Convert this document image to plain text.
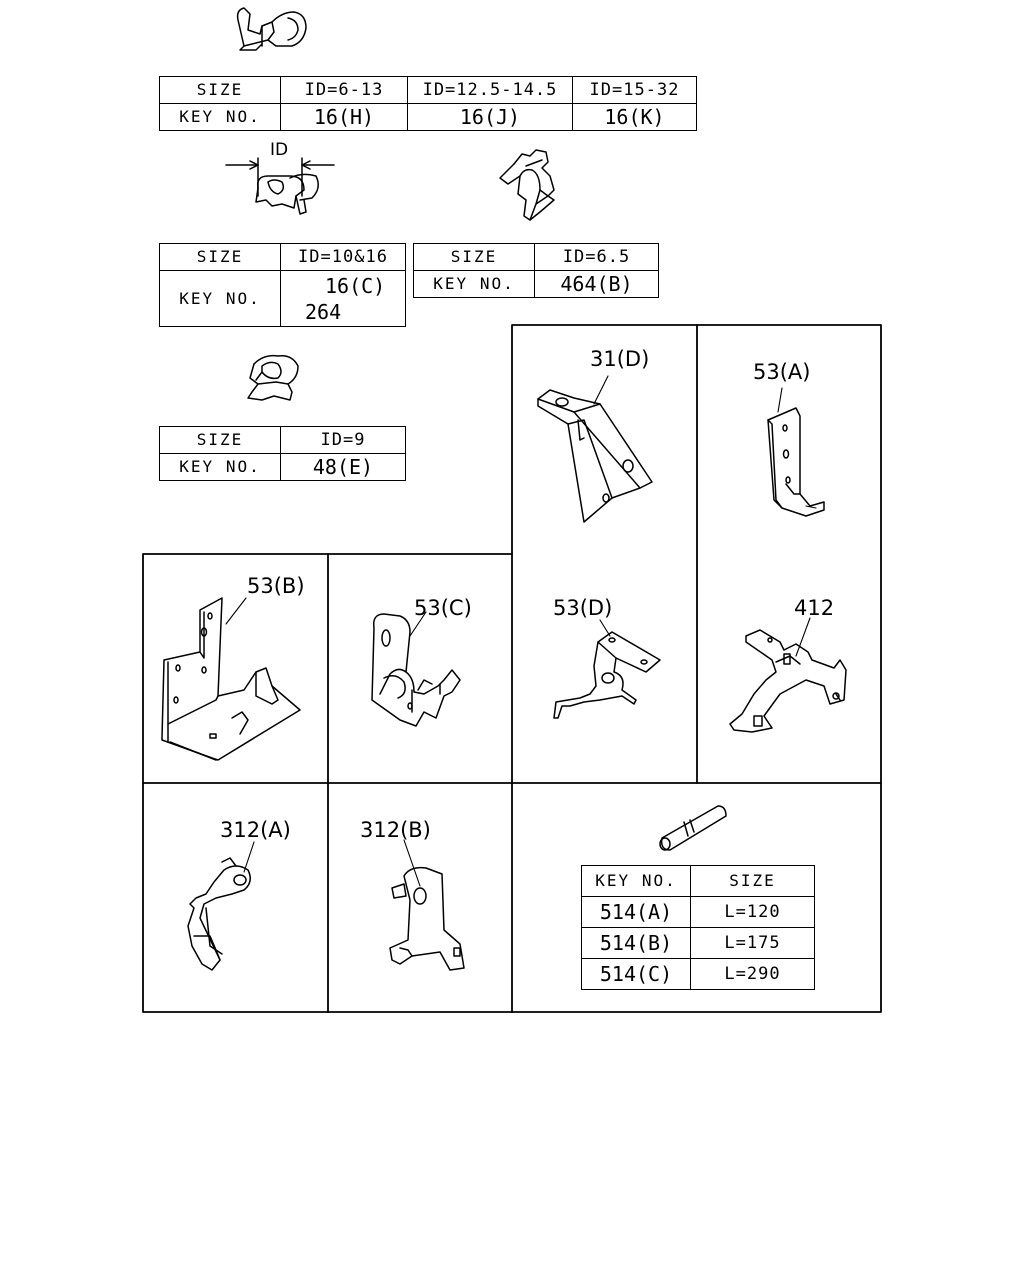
SIZE	ID=6-13	ID=12.5-14.5	ID=15-32
KEY NO.	16(H)	16(J)	16(K)
ID
SIZE	ID=10&16
KEY NO.	16(C)
264
SIZE	ID=6.5
KEY NO.	464(B)
SIZE	ID=9
KEY NO.	48(E)
KEY NO.	SIZE
514(A)	L=120
514(B)	L=175
514(C)	L=290
31(D)
53(A)
53(B)
53(C)	53(D)	412
312(A)	312(B)
